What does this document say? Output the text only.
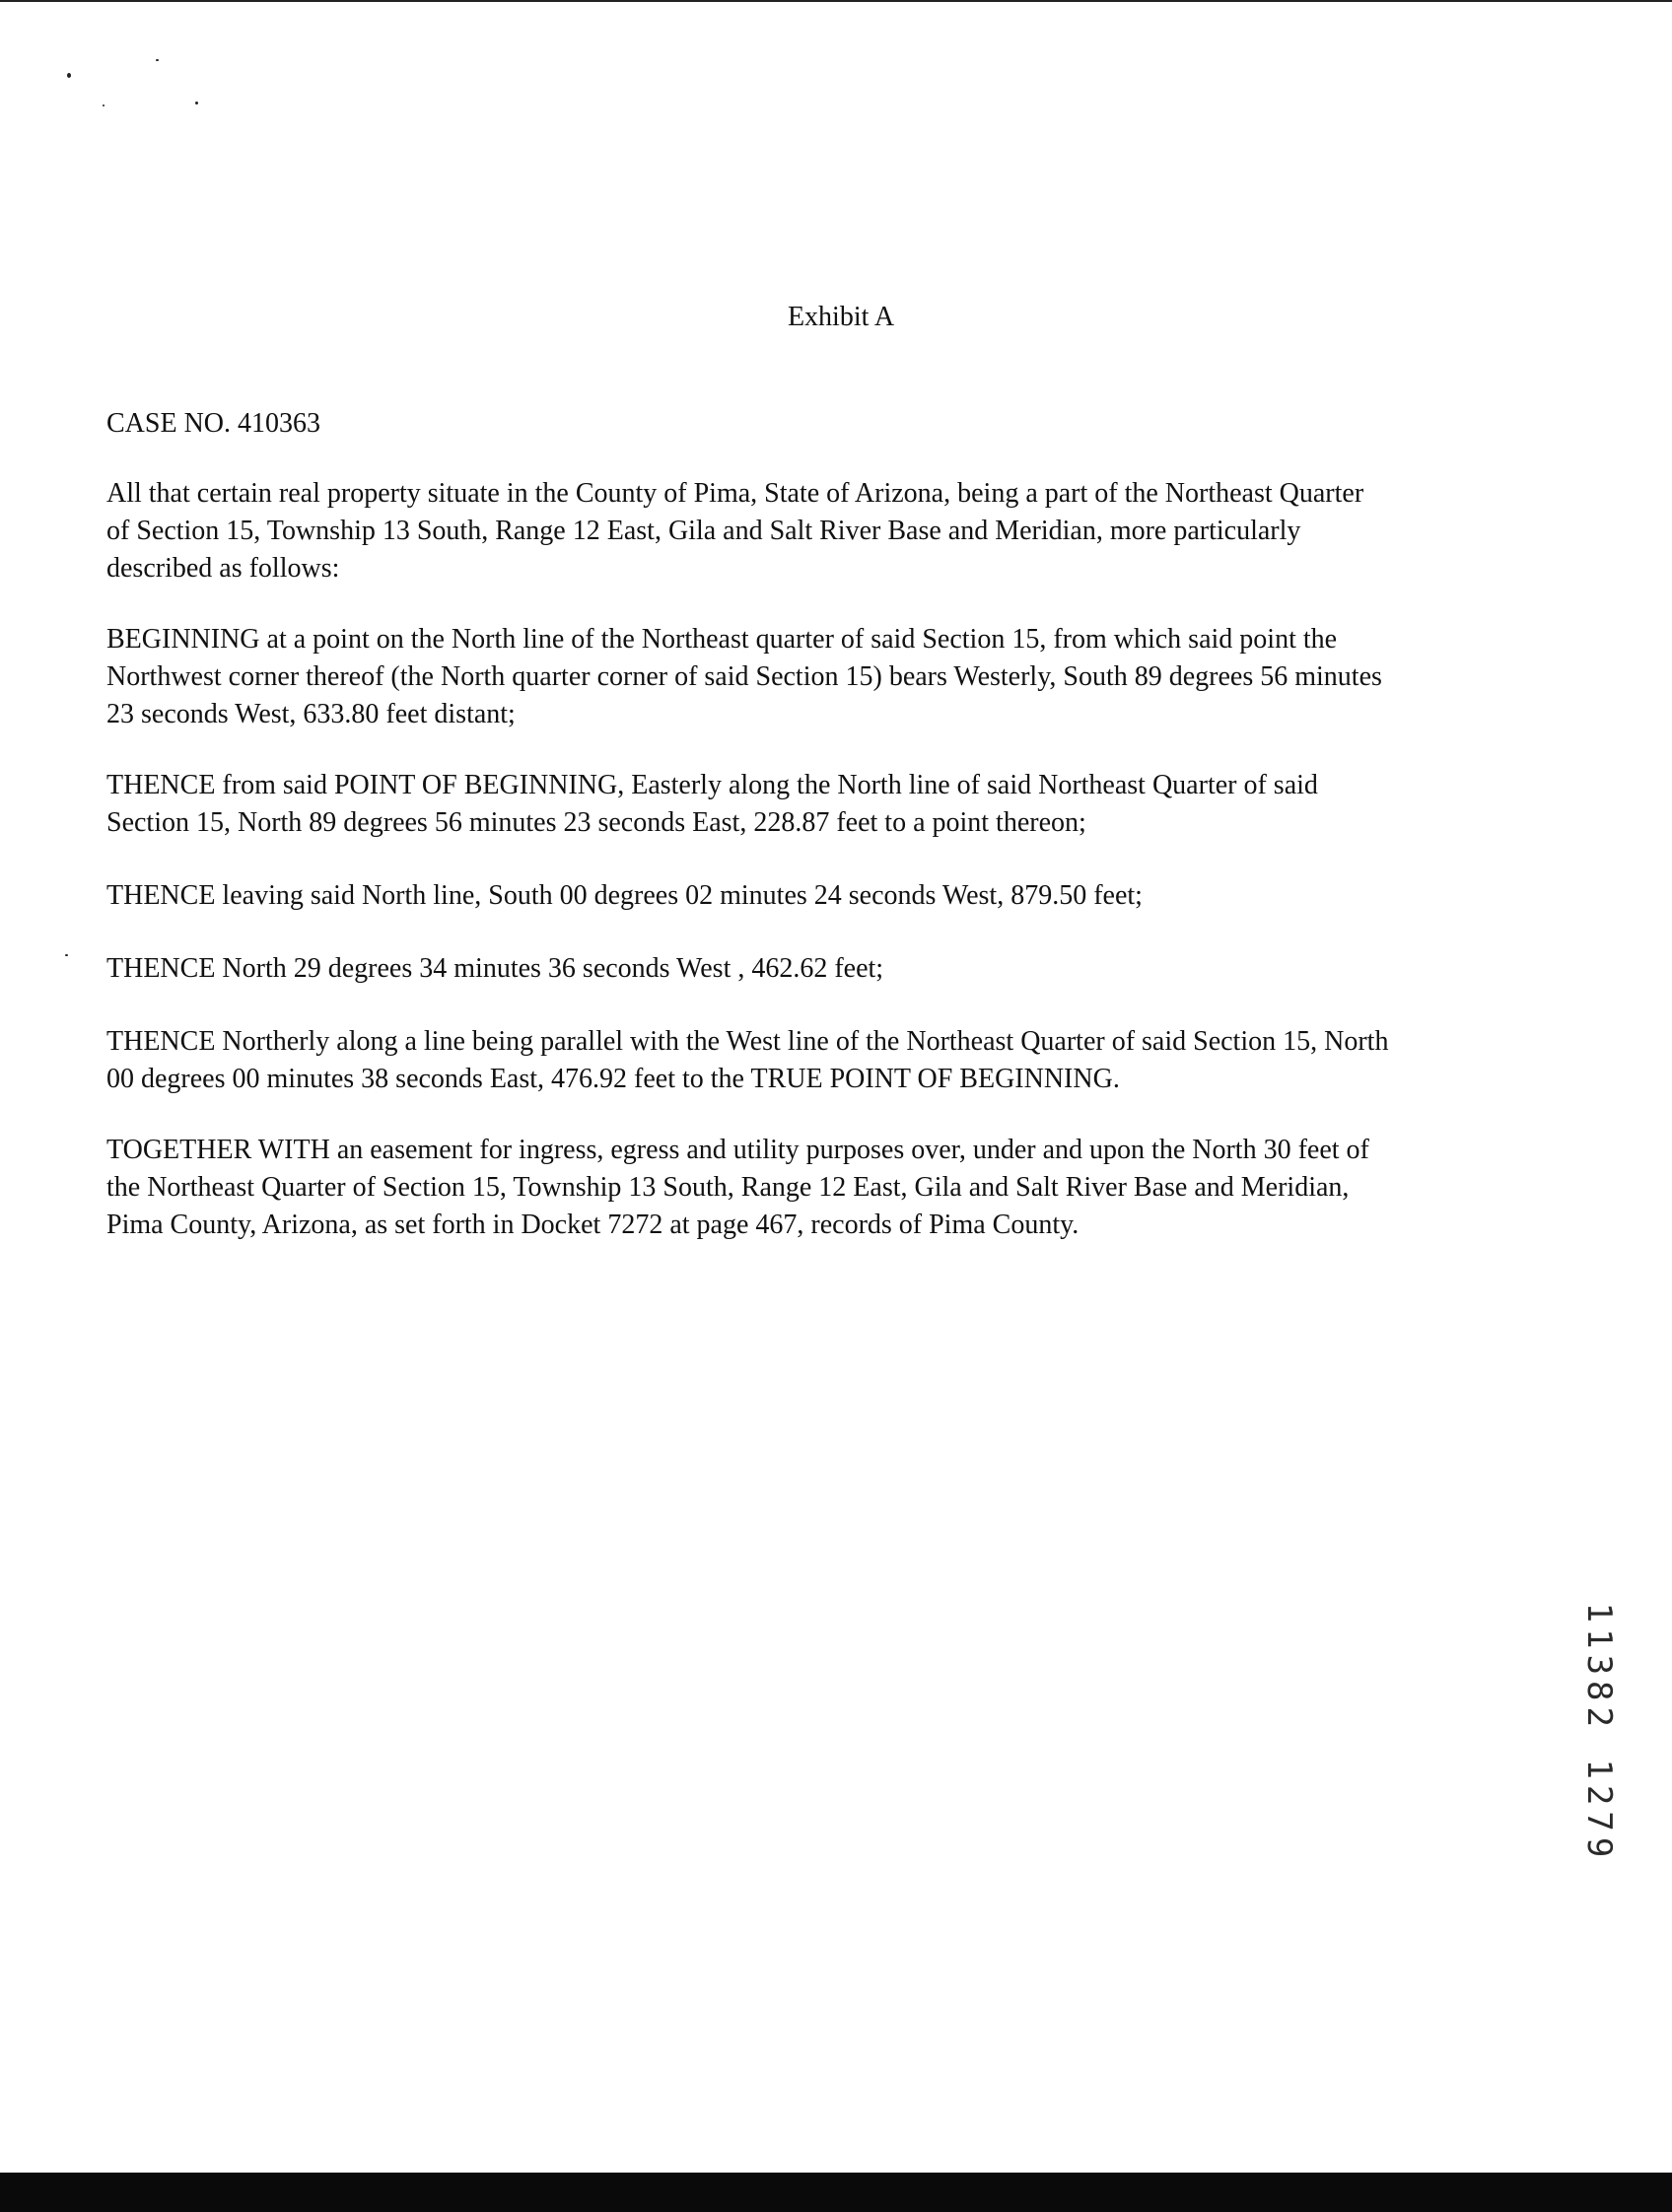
Exhibit A
CASE NO. 410363
All that certain real property situate in the County of Pima, State of Arizona, being a part of the Northeast Quarter
of Section 15, Township 13 South, Range 12 East, Gila and Salt River Base and Meridian, more particularly
described as follows:
BEGINNING at a point on the North line of the Northeast quarter of said Section 15, from which said point the
Northwest corner thereof (the North quarter corner of said Section 15) bears Westerly, South 89 degrees 56 minutes
23 seconds West, 633.80 feet distant;
THENCE from said POINT OF BEGINNING, Easterly along the North line of said Northeast Quarter of said
Section 15, North 89 degrees 56 minutes 23 seconds East, 228.87 feet to a point thereon;
THENCE leaving said North line, South 00 degrees 02 minutes 24 seconds West, 879.50 feet;
THENCE North 29 degrees 34 minutes 36 seconds West , 462.62 feet;
THENCE Northerly along a line being parallel with the West line of the Northeast Quarter of said Section 15, North
00 degrees 00 minutes 38 seconds East, 476.92 feet to the TRUE POINT OF BEGINNING.
TOGETHER WITH an easement for ingress, egress and utility purposes over, under and upon the North 30 feet of
the Northeast Quarter of Section 15, Township 13 South, Range 12 East, Gila and Salt River Base and Meridian,
Pima County, Arizona, as set forth in Docket 7272 at page 467, records of Pima County.
11382 1279
